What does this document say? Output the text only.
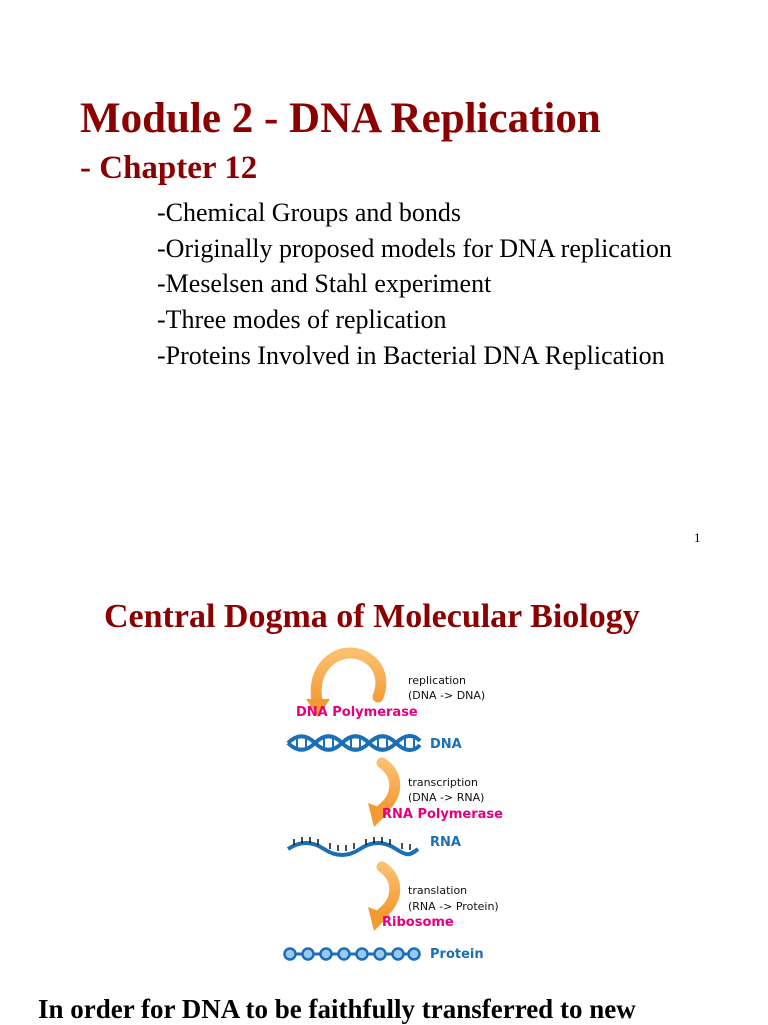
Module 2 - DNA Replication
- Chapter 12
-Chemical Groups and bonds
-Originally proposed models for DNA replication
-Meselsen and Stahl experiment
-Three modes of replication
-Proteins Involved in Bacterial DNA Replication
1
Central Dogma of Molecular Biology
replication
(DNA -> DNA)
DNA Polymerase
DNA
transcription
(DNA -> RNA)
RNA Polymerase
RNA
translation
(RNA -> Protein)
Ribosome
Protein

In order for DNA to be faithfully transferred to new
